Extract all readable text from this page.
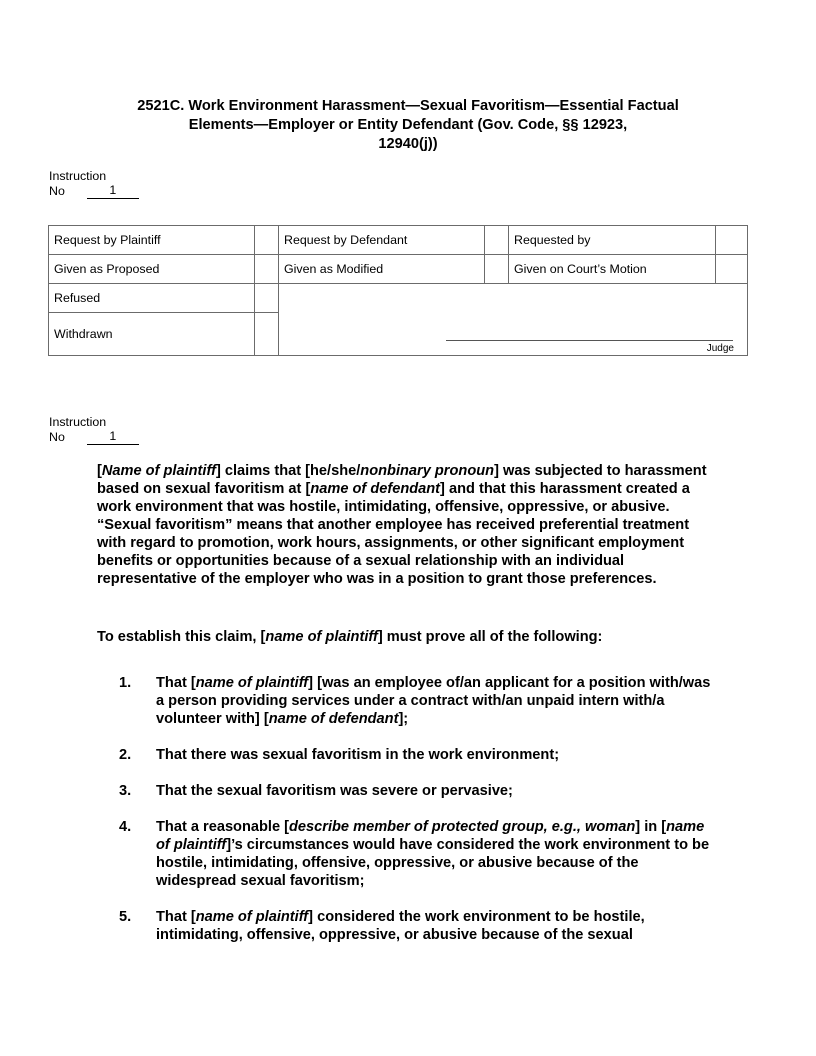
2521C. Work Environment Harassment—Sexual Favoritism—Essential Factual
Elements—Employer or Entity Defendant (Gov. Code, §§ 12923,
12940(j))
Instruction
No	1
Request by Plaintiff		Request by Defendant		Requested by	
Given as Proposed		Given as Modified		Given on Court’s Motion	
Refused		Judge			

Withdrawn					
Instruction
No	1
[Name of plaintiff] claims that [he/she/nonbinary pronoun] was subjected to harassment based on sexual favoritism at [name of defendant] and that this harassment created a work environment that was hostile, intimidating, offensive, oppressive, or abusive. “Sexual favoritism” means that another employee has received preferential treatment with regard to promotion, work hours, assignments, or other significant employment benefits or opportunities because of a sexual relationship with an individual representative of the employer who was in a position to grant those preferences.
To establish this claim, [name of plaintiff] must prove all of the following:
1.	That [name of plaintiff] [was an employee of/an applicant for a position with/was a person providing services under a contract with/an unpaid intern with/a volunteer with] [name of defendant];
2.	That there was sexual favoritism in the work environment;
3.	That the sexual favoritism was severe or pervasive;
4.	That a reasonable [describe member of protected group, e.g., woman] in [name of plaintiff]’s circumstances would have considered the work environment to be hostile, intimidating, offensive, oppressive, or abusive because of the widespread sexual favoritism;
5.	That [name of plaintiff] considered the work environment to be hostile, intimidating, offensive, oppressive, or abusive because of the sexual
